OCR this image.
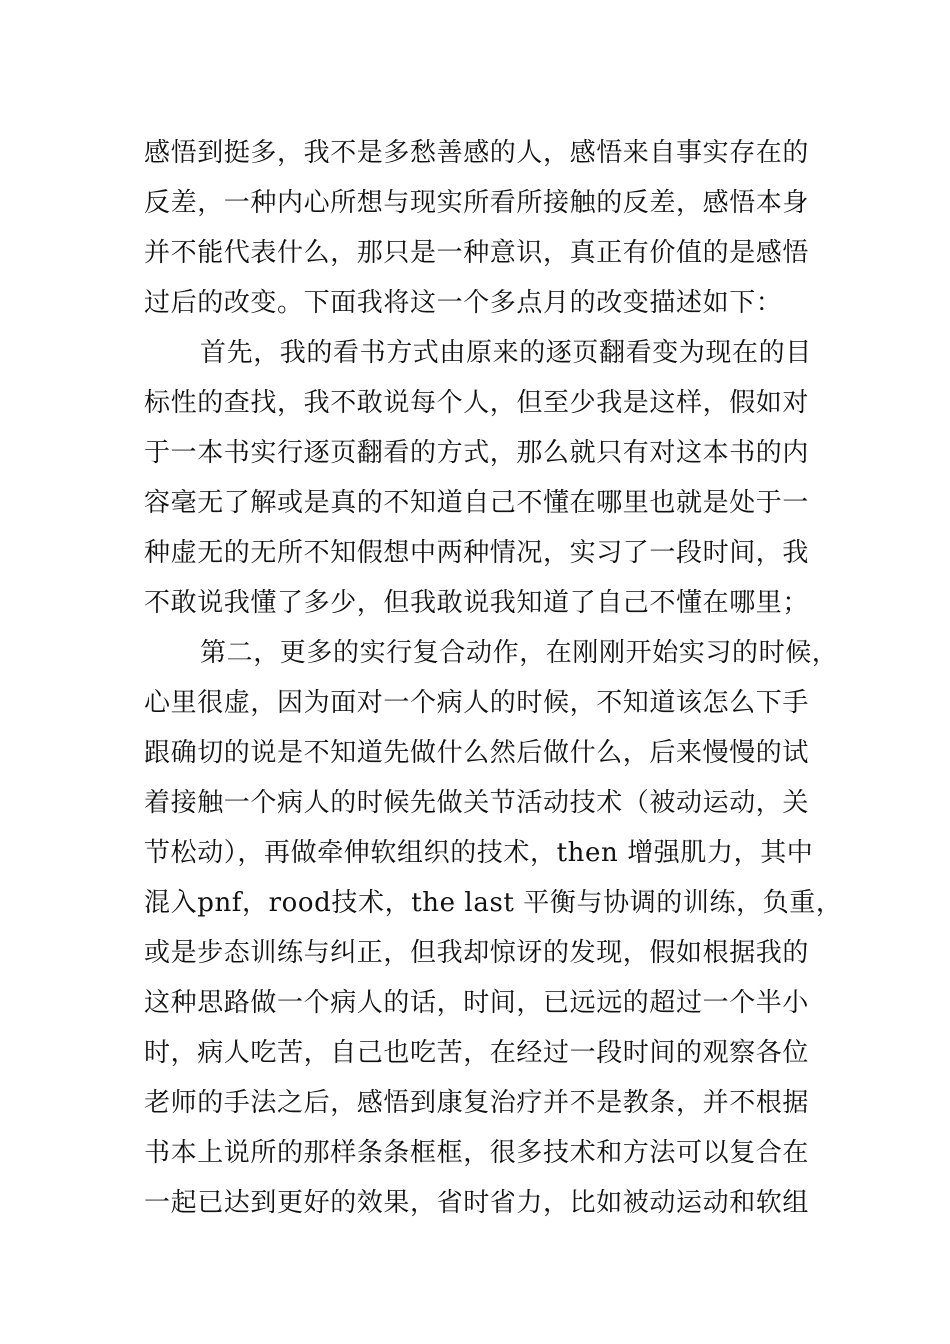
感悟到挺多，我不是多愁善感的人，感悟来自事实存在的
反差，一种内心所想与现实所看所接触的反差，感悟本身
并不能代表什么，那只是一种意识，真正有价值的是感悟
过后的改变。下面我将这一个多点月的改变描述如下：
首先，我的看书方式由原来的逐页翻看变为现在的目
标性的查找，我不敢说每个人，但至少我是这样，假如对
于一本书实行逐页翻看的方式，那么就只有对这本书的内
容毫无了解或是真的不知道自己不懂在哪里也就是处于一
种虚无的无所不知假想中两种情况，实习了一段时间，我
不敢说我懂了多少，但我敢说我知道了自己不懂在哪里；
第二，更多的实行复合动作，在刚刚开始实习的时候，
心里很虚，因为面对一个病人的时候，不知道该怎么下手
跟确切的说是不知道先做什么然后做什么，后来慢慢的试
着接触一个病人的时候先做关节活动技术（被动运动，关
节松动），再做牵伸软组织的技术，then 增强肌力，其中
混入pnf，rood技术，the last 平衡与协调的训练，负重，
或是步态训练与纠正，但我却惊讶的发现，假如根据我的
这种思路做一个病人的话，时间，已远远的超过一个半小
时，病人吃苦，自己也吃苦，在经过一段时间的观察各位
老师的手法之后，感悟到康复治疗并不是教条，并不根据
书本上说所的那样条条框框，很多技术和方法可以复合在
一起已达到更好的效果，省时省力，比如被动运动和软组
